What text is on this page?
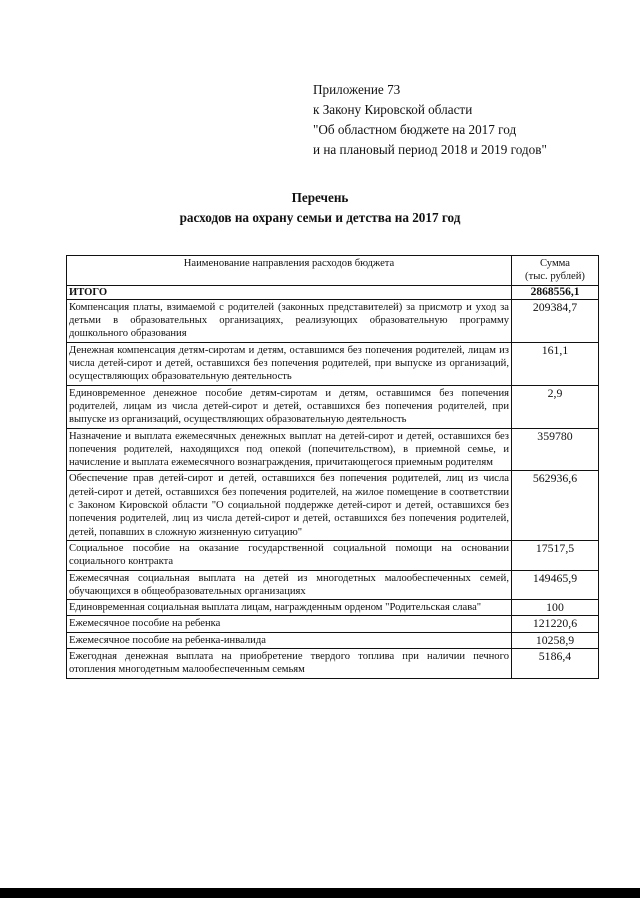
Приложение 73
к Закону Кировской области
"Об областном бюджете на 2017 год
и на плановый период 2018 и 2019 годов"
Перечень
расходов на охрану семьи и детства на 2017 год
Наименование направления расходов бюджета	Сумма
(тыс. рублей)

ИТОГО	2868556,1
Компенсация платы, взимаемой с родителей (законных представителей) за присмотр и уход за детьми в образовательных организациях, реализующих образовательную программу дошкольного образования	209384,7
Денежная компенсация детям-сиротам и детям, оставшимся без попечения родителей, лицам из числа детей-сирот и детей, оставшихся без попечения родителей, при выпуске из организаций, осуществляющих образовательную деятельность	161,1
Единовременное денежное пособие детям-сиротам и детям, оставшимся без попечения родителей, лицам из числа детей-сирот и детей, оставшихся без попечения родителей, при выпуске из организаций, осуществляющих образовательную деятельность	2,9
Назначение и выплата ежемесячных денежных выплат на детей-сирот и детей, оставшихся без попечения родителей, находящихся под опекой (попечительством), в приемной семье, и начисление и выплата ежемесячного вознаграждения, причитающегося приемным родителям	359780
Обеспечение прав детей-сирот и детей, оставшихся без попечения родителей, лиц из числа детей-сирот и детей, оставшихся без попечения родителей, на жилое помещение в соответствии с Законом Кировской области "О социальной поддержке детей-сирот и детей, оставшихся без попечения родителей, лиц из числа детей-сирот и детей, оставшихся без попечения родителей, детей, попавших в сложную жизненную ситуацию"	562936,6
Социальное пособие на оказание государственной социальной помощи на основании социального контракта	17517,5
Ежемесячная социальная выплата на детей из многодетных малообеспеченных семей, обучающихся в общеобразовательных организациях	149465,9
Единовременная социальная выплата лицам, награжденным орденом "Родительская слава"	100
Ежемесячное пособие на ребенка	121220,6
Ежемесячное пособие на ребенка-инвалида	10258,9
Ежегодная денежная выплата на приобретение твердого топлива при наличии печного отопления многодетным малообеспеченным семьям	5186,4
